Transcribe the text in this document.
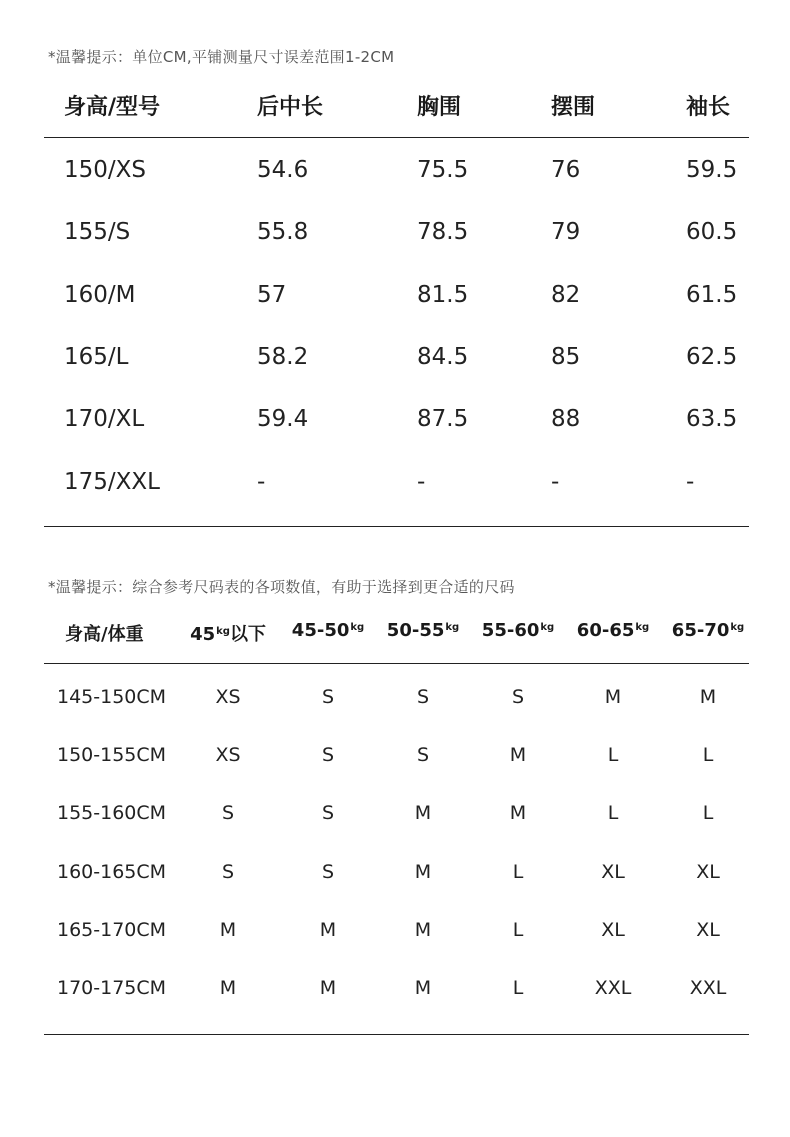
*温馨提示：单位CM,平铺测量尺寸误差范围1-2CM
身高/型号	后中长	胸围	摆围	袖长
150/XS	54.6	75.5	76	59.5
155/S	55.8	78.5	79	60.5
160/M	57	81.5	82	61.5
165/L	58.2	84.5	85	62.5
170/XL	59.4	87.5	88	63.5
175/XXL	-	-	-	-
*温馨提示：综合参考尺码表的各项数值，有助于选择到更合适的尺码
身高/体重	$45^{kg}$以下 $45-50^{kg}$ $50-55^{kg}$ $55-60^{kg}$ $60-65^{kg}$ $65-70^{kg}$
145-150CM	XS	S	S	S	M	M
150-155CM	XS	S	S	M	L	L
155-160CM	S	S	M	M	L	L
160-165CM	S	S	M	L	XL	XL
165-170CM	M	M	M	L	XL	XL
170-175CM	M	M	M	L	XXL	XXL
